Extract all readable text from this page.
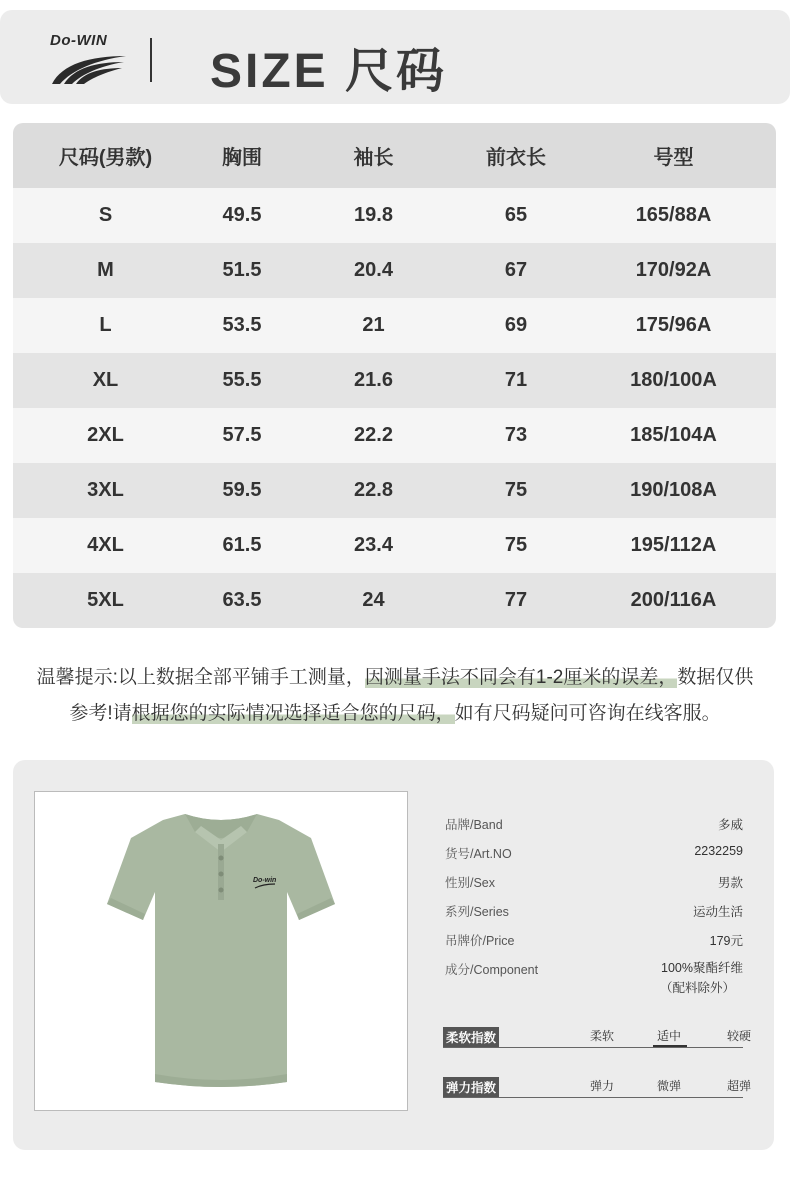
Do-WIN
SIZE 尺码
尺码(男款)	胸围	袖长	前衣长	号型
S	49.5	19.8	65	165/88A
M	51.5	20.4	67	170/92A
L	53.5	21	69	175/96A
XL	55.5	21.6	71	180/100A
2XL	57.5	22.2	73	185/104A
3XL	59.5	22.8	75	190/108A
4XL	61.5	23.4	75	195/112A
5XL	63.5	24	77	200/116A
温馨提示:以上数据全部平铺手工测量，因测量手法不同会有1-2厘米的误差，数据仅供
参考!请根据您的实际情况选择适合您的尺码，如有尺码疑问可咨询在线客服。
Do-win
品牌/Band	多威
货号/Art.NO	2232259
性别/Sex	男款
系列/Series	运动生活
吊牌价/Price	179元
成分/Component	100%聚酯纤维
（配料除外）
柔软指数	柔软	适中	较硬
弹力指数	弹力	微弹	超弹
